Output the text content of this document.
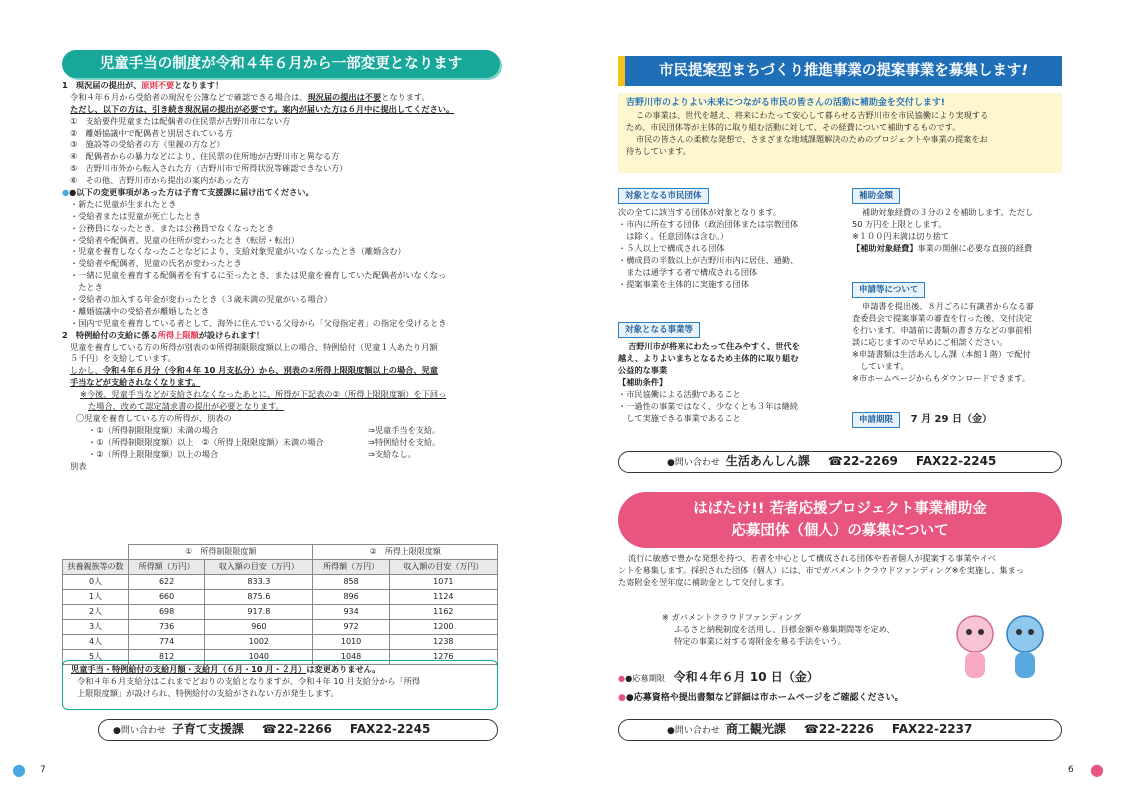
児童手当の制度が令和４年６月から一部変更となります
1　現況届の提出が、原則不要となります！
令和４年６月から受給者の現況を公簿などで確認できる場合は、現況届の提出は不要となります。
ただし、以下の方は、引き続き現況届の提出が必要です。案内が届いた方は６月中に提出してください。
①　支給要件児童または配偶者の住民票が吉野川市にない方
②　離婚協議中で配偶者と別居されている方
③　施設等の受給者の方（里親の方など）
④　配偶者からの暴力などにより、住民票の住所地が吉野川市と異なる方
⑤　吉野川市外から転入された方（吉野川市で所得状況等確認できない方）
⑥　その他、吉野川市から提出の案内があった方
●●以下の変更事項があった方は子育て支援課に届け出てください。
・新たに児童が生まれたとき
・受給者または児童が死亡したとき
・公務員になったとき、または公務員でなくなったとき
・受給者や配偶者、児童の住所が変わったとき（転居・転出）
・児童を養育しなくなったことなどにより、支給対象児童がいなくなったとき（離婚含む）
・受給者や配偶者、児童の氏名が変わったとき
・一緒に児童を養育する配偶者を有するに至ったとき、または児童を養育していた配偶者がいなくなっ
　たとき
・受給者の加入する年金が変わったとき（３歳未満の児童がいる場合）
・離婚協議中の受給者が離婚したとき
・国内で児童を養育している者として、海外に住んでいる父母から「父母指定者」の指定を受けるとき
2　特例給付の支給に係る所得上限額が設けられます！
児童を養育している方の所得が別表の①所得制限限度額以上の場合、特例給付（児童１人あたり月額
５千円）を支給しています。
しかし、令和４年６月分（令和４年 10 月支払分）から、別表の②所得上限限度額以上の場合、児童
手当などが支給されなくなります。
※今後、児童手当などが支給されなくなったあとに、所得が下記表の②（所得上限限度額）を下回っ
た場合、改めて認定請求書の提出が必要となります。
〇児童を養育している方の所得が、別表の
・①（所得制限限度額）未満の場合	⇒児童手当を支給。
・①（所得制限限度額）以上　②（所得上限限度額）未満の場合	⇒特例給付を支給。
・②（所得上限限度額）以上の場合	⇒支給なし。
別表
	①　所得制限限度額		②　所得上限限度額	
扶養親族等の数	所得額（万円）	収入額の目安（万円）	所得額（万円）	収入額の目安（万円）
0人	622	833.3	858	1071
1人	660	875.6	896	1124
2人	698	917.8	934	1162
3人	736	960	972	1200
4人	774	1002	1010	1238
5人	812	1040	1048	1276
児童手当・特例給付の支給月額・支給月（６月・10 月・２月）は変更ありません。
令和４年６月支給分はこれまでどおりの支給となりますが、令和４年 10 月支給分から「所得
上限限度額」が設けられ、特例給付の支給がされない方が発生します。
●問い合わせ 子育て支援課 ☎22-2266 FAX22-2245
● 7
市民提案型まちづくり推進事業の提案事業を募集します!
吉野川市のよりよい未来につながる市民の皆さんの活動に補助金を交付します!
この事業は、世代を越え、将来にわたって安心して暮らせる吉野川市を市民協働により実現する
ため、市民団体等が主体的に取り組む活動に対して、その経費について補助するものです。
市民の皆さんの柔軟な発想で、さまざまな地域課題解決のためのプロジェクトや事業の提案をお
待ちしています。
対象となる市民団体
次の全てに該当する団体が対象となります。
・市内に所在する団体（政治団体または宗教団体
　は除く。任意団体は含む。）
・５人以上で構成される団体
・構成員の半数以上が吉野川市内に居住、通勤、
　または通学する者で構成される団体
・提案事業を主体的に実施する団体
対象となる事業等
吉野川市が将来にわたって住みやすく、世代を
越え、よりよいまちとなるため主体的に取り組む
公益的な事業
【補助条件】
・市民協働による活動であること
・一過性の事業ではなく、少なくとも３年は継続
　して実施できる事業であること
補助金額
補助対象経費の３分の２を補助します。ただし
50 万円を上限とします。
※１００円未満は切り捨て
【補助対象経費】事業の開催に必要な直接的経費
申請等について
申請書を提出後、８月ごろに有識者からなる審
査委員会で提案事業の審査を行った後、交付決定
を行います。申請前に書類の書き方などの事前相
談に応じますので早めにご相談ください。
※申請書類は生活あんしん課（本館１階）で配付
　しています。
※市ホームページからもダウンロードできます。
申請期限 7 月 29 日（金）
●問い合わせ 生活あんしん課 ☎22-2269 FAX22-2245
はばたけ!! 若者応援プロジェクト事業補助金
応募団体（個人）の募集について
流行に敏感で豊かな発想を持つ、若者を中心として構成される団体や若者個人が提案する事業やイベ
ントを募集します。採択された団体（個人）には、市でガバメントクラウドファンディング※を実施し、集まっ
た寄附金を翌年度に補助金として交付します。
※ ガバメントクラウドファンディング
ふるさと納税制度を活用し、目標金額や募集期間等を定め、
特定の事業に対する寄附金を募る手法をいう。
●●応募期限 令和４年６月 10 日（金）
●●応募資格や提出書類など詳細は市ホームページをご確認ください。
●問い合わせ 商工観光課 ☎22-2226 FAX22-2237
6 ●
